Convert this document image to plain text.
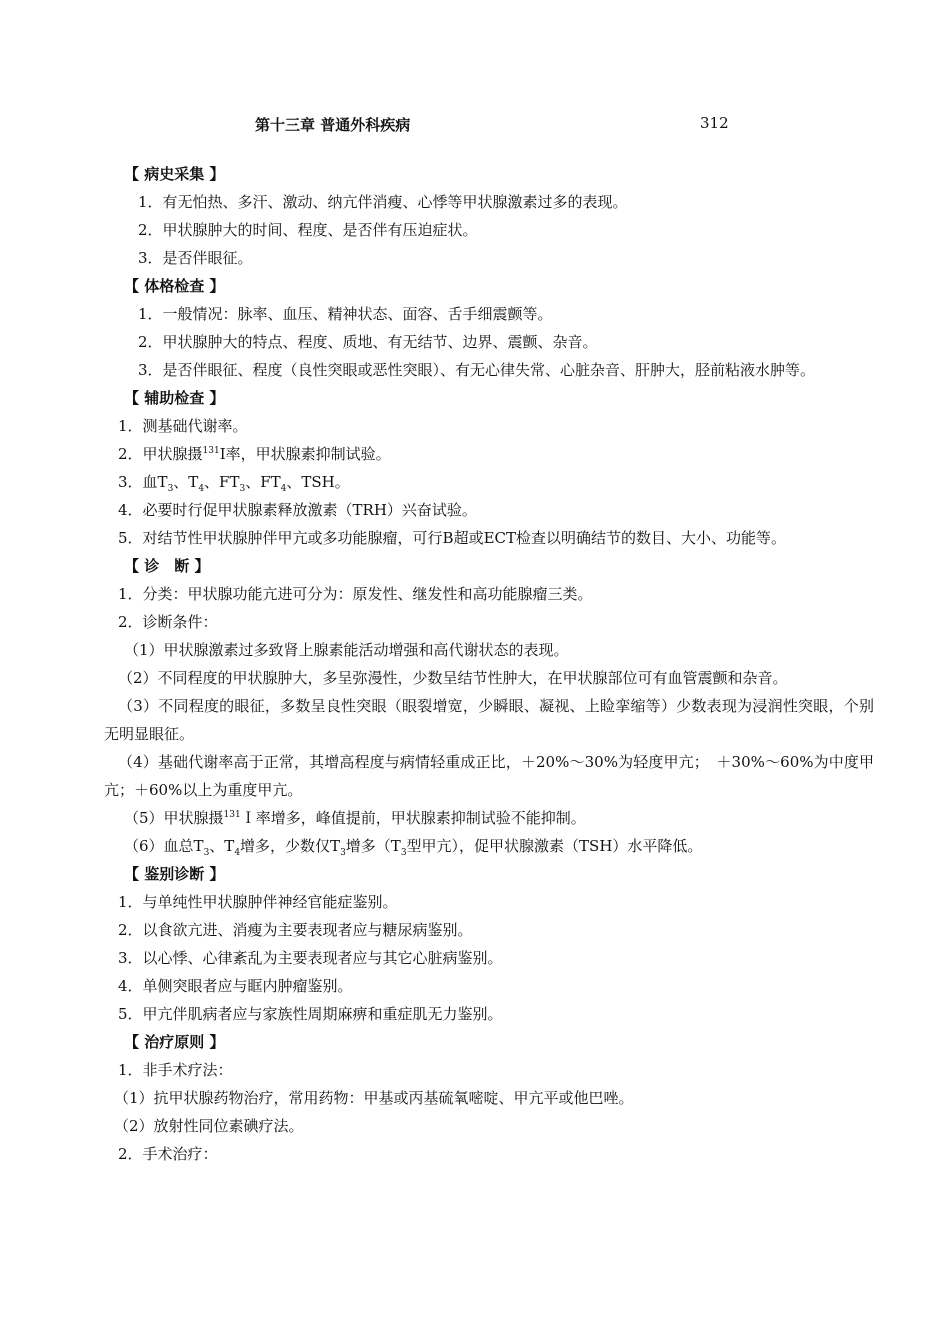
第十三章 普通外科疾病	312
【 病史采集 】
1．有无怕热、多汗、激动、纳亢伴消瘦、心悸等甲状腺激素过多的表现。
2．甲状腺肿大的时间、程度、是否伴有压迫症状。
3．是否伴眼征。
【 体格检查 】
1．一般情况：脉率、血压、精神状态、面容、舌手细震颤等。
2．甲状腺肿大的特点、程度、质地、有无结节、边界、震颤、杂音。
3．是否伴眼征、程度（良性突眼或恶性突眼）、有无心律失常、心脏杂音、肝肿大，胫前粘液水肿等。
【 辅助检查 】
1．测基础代谢率。
2．甲状腺摄$^{131}$I率，甲状腺素抑制试验。
3．血$T_3$、$T_4$、$FT_3$、$FT_4$、TSH。
4．必要时行促甲状腺素释放激素（TRH）兴奋试验。
5．对结节性甲状腺肿伴甲亢或多功能腺瘤，可行B超或ECT检查以明确结节的数目、大小、功能等。
【 诊　断 】
1．分类：甲状腺功能亢进可分为：原发性、继发性和高功能腺瘤三类。
2．诊断条件：
（1）甲状腺激素过多致肾上腺素能活动增强和高代谢状态的表现。
（2）不同程度的甲状腺肿大，多呈弥漫性，少数呈结节性肿大，在甲状腺部位可有血管震颤和杂音。
（3）不同程度的眼征，多数呈良性突眼（眼裂增宽，少瞬眼、凝视、上睑挛缩等）少数表现为浸润性突眼，个别无明显眼征。
（4）基础代谢率高于正常，其增高程度与病情轻重成正比，＋20%～30%为轻度甲亢；　＋30%～60%为中度甲亢；＋60%以上为重度甲亢。
（5）甲状腺摄$^{131}$Ｉ率增多，峰值提前，甲状腺素抑制试验不能抑制。
（6）血总$T_3$、$T_4$增多，少数仅$T_3$增多（$T_3$型甲亢），促甲状腺激素（TSH）水平降低。
【 鉴别诊断 】
1．与单纯性甲状腺肿伴神经官能症鉴别。
2．以食欲亢进、消瘦为主要表现者应与糖尿病鉴别。
3．以心悸、心律紊乱为主要表现者应与其它心脏病鉴别。
4．单侧突眼者应与眶内肿瘤鉴别。
5．甲亢伴肌病者应与家族性周期麻痹和重症肌无力鉴别。
【 治疗原则 】
1．非手术疗法：
（1）抗甲状腺药物治疗，常用药物：甲基或丙基硫氧嘧啶、甲亢平或他巴唑。
（2）放射性同位素碘疗法。
2．手术治疗：
